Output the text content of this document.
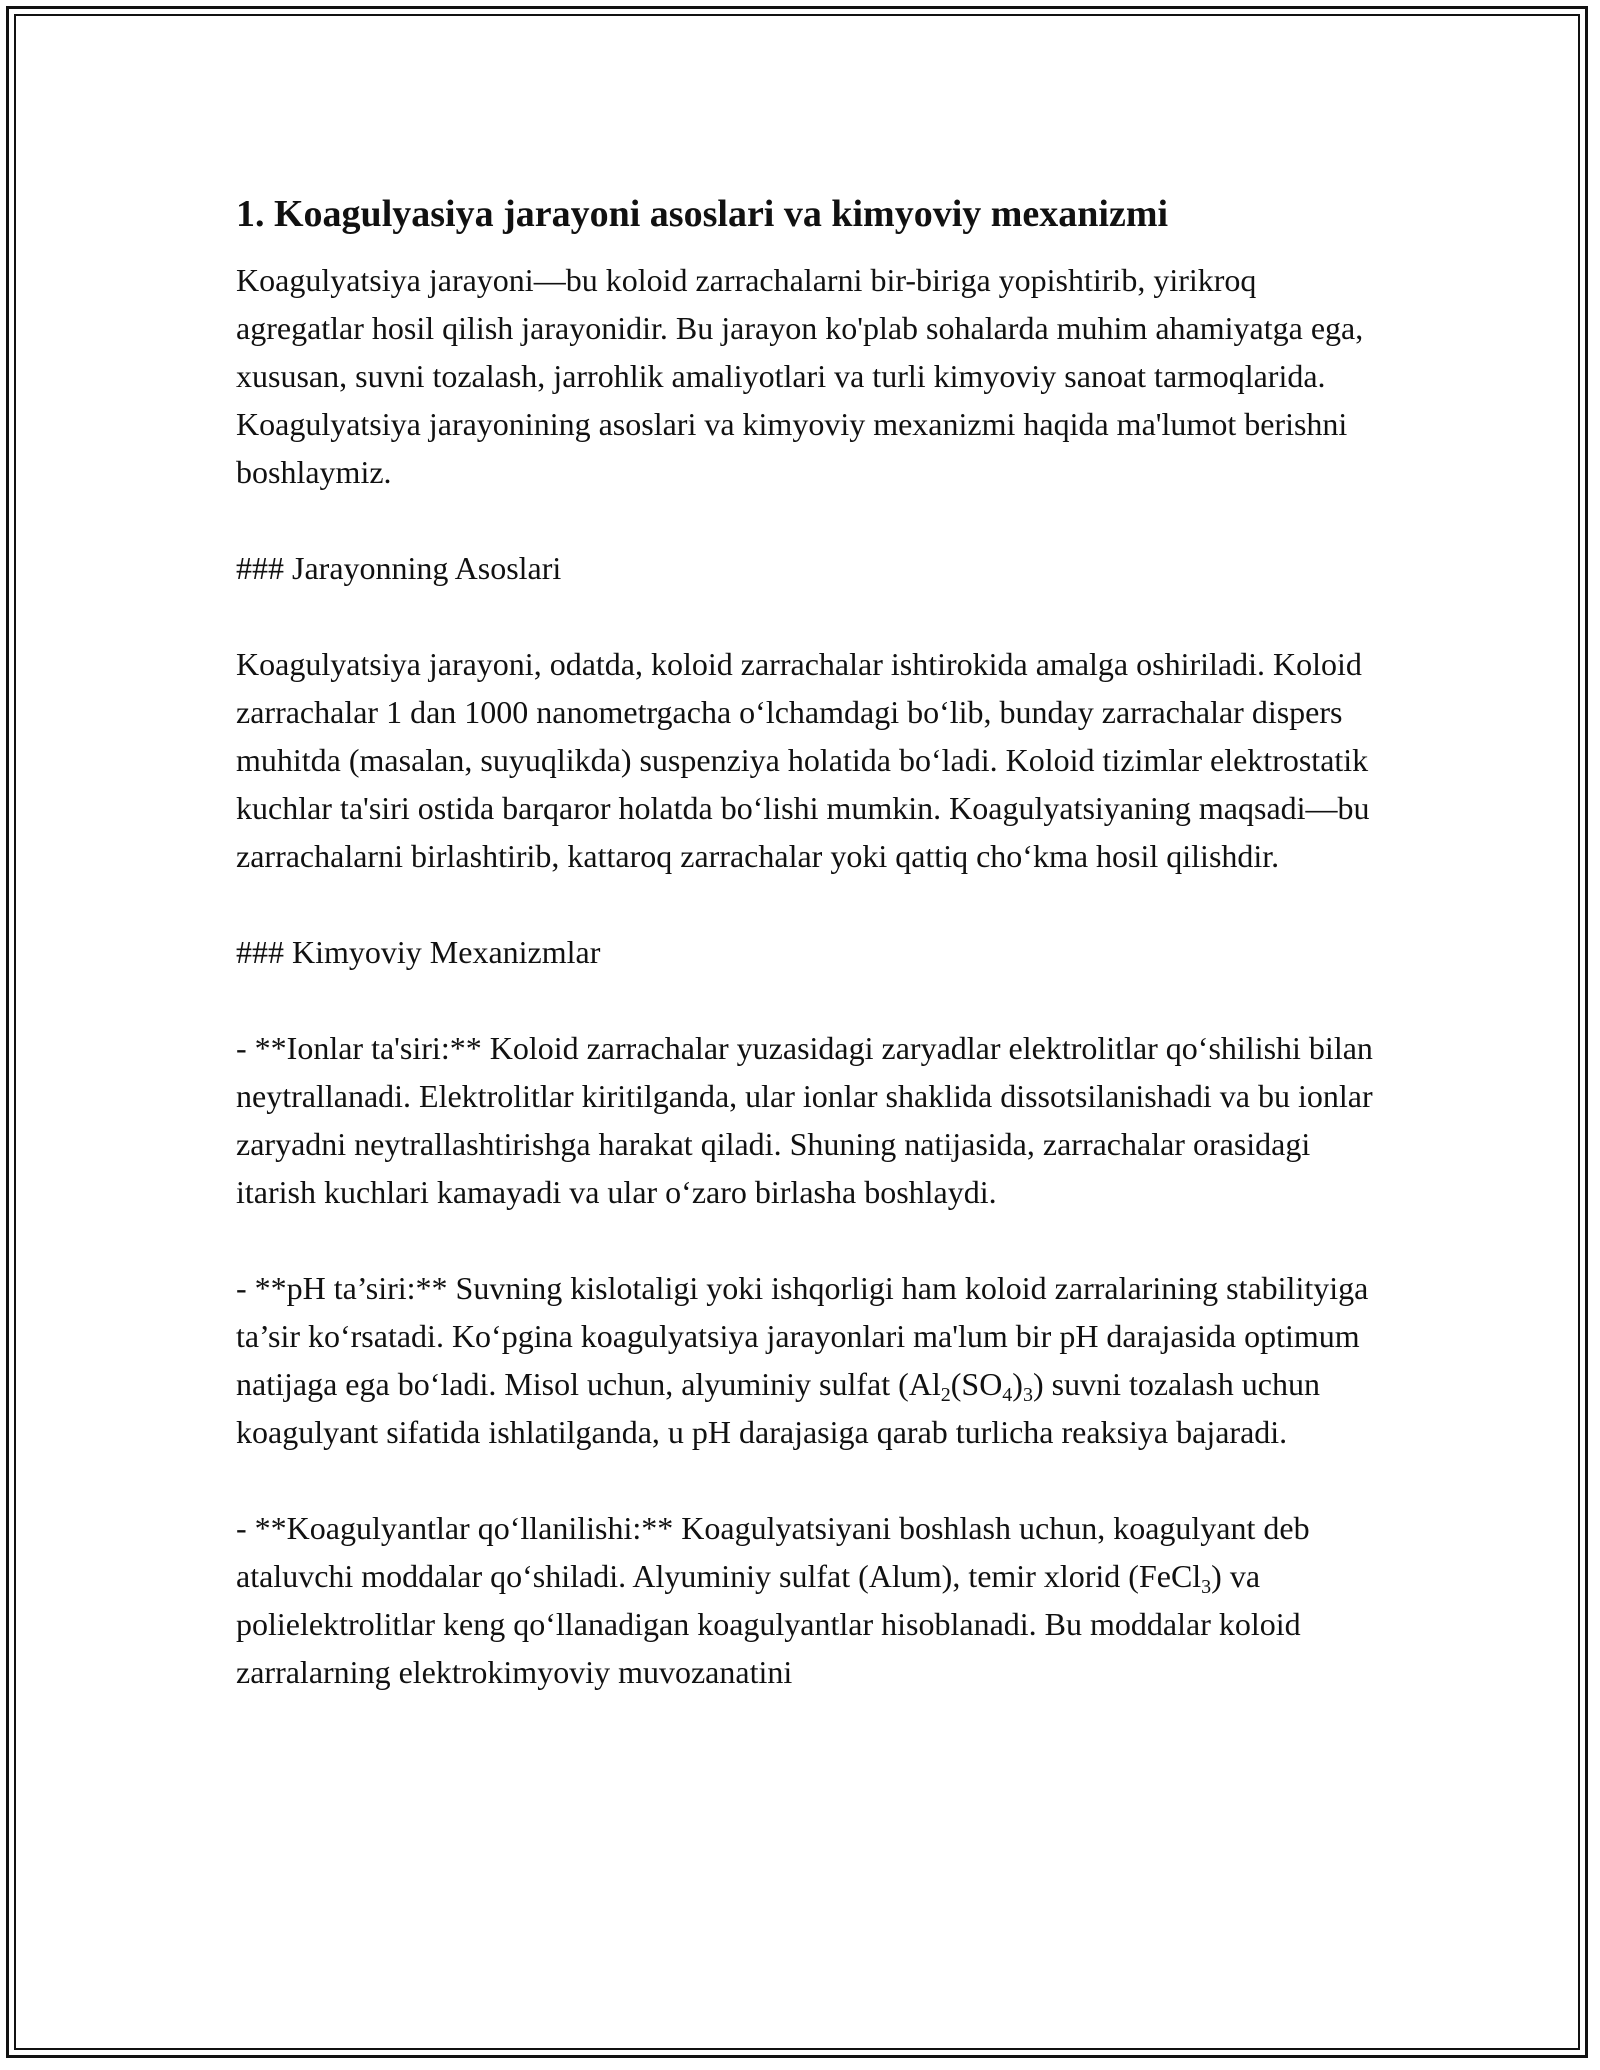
1. Koagulyasiya jarayoni asoslari va kimyoviy mexanizmi

Koagulyatsiya jarayoni—bu koloid zarrachalarni bir-biriga yopishtirib, yirikroq agregatlar hosil qilish jarayonidir. Bu jarayon ko'plab sohalarda muhim ahamiyatga ega, xususan, suvni tozalash, jarrohlik amaliyotlari va turli kimyoviy sanoat tarmoqlarida. Koagulyatsiya jarayonining asoslari va kimyoviy mexanizmi haqida ma'lumot berishni boshlaymiz.

### Jarayonning Asoslari

Koagulyatsiya jarayoni, odatda, koloid zarrachalar ishtirokida amalga oshiriladi. Koloid zarrachalar 1 dan 1000 nanometrgacha o‘lchamdagi bo‘lib, bunday zarrachalar dispers muhitda (masalan, suyuqlikda) suspenziya holatida bo‘ladi. Koloid tizimlar elektrostatik kuchlar ta'siri ostida barqaror holatda bo‘lishi mumkin. Koagulyatsiyaning maqsadi—bu zarrachalarni birlashtirib, kattaroq zarrachalar yoki qattiq cho‘kma hosil qilishdir.

### Kimyoviy Mexanizmlar

- **Ionlar ta'siri:** Koloid zarrachalar yuzasidagi zaryadlar elektrolitlar qo‘shilishi bilan neytrallanadi. Elektrolitlar kiritilganda, ular ionlar shaklida dissotsilanishadi va bu ionlar zaryadni neytrallashtirishga harakat qiladi. Shuning natijasida, zarrachalar orasidagi itarish kuchlari kamayadi va ular o‘zaro birlasha boshlaydi.

- **pH ta’siri:** Suvning kislotaligi yoki ishqorligi ham koloid zarralarining stabilityiga ta’sir ko‘rsatadi. Ko‘pgina koagulyatsiya jarayonlari ma'lum bir pH darajasida optimum natijaga ega bo‘ladi. Misol uchun, alyuminiy sulfat $(Al_2(SO_4)_3)$ suvni tozalash uchun koagulyant sifatida ishlatilganda, u pH darajasiga qarab turlicha reaksiya bajaradi.

- **Koagulyantlar qo‘llanilishi:** Koagulyatsiyani boshlash uchun, koagulyant deb ataluvchi moddalar qo‘shiladi. Alyuminiy sulfat (Alum), temir xlorid (FeCl$_3$) va polielektrolitlar keng qo‘llanadigan koagulyantlar hisoblanadi. Bu moddalar koloid zarralarning elektrokimyoviy muvozanatini
